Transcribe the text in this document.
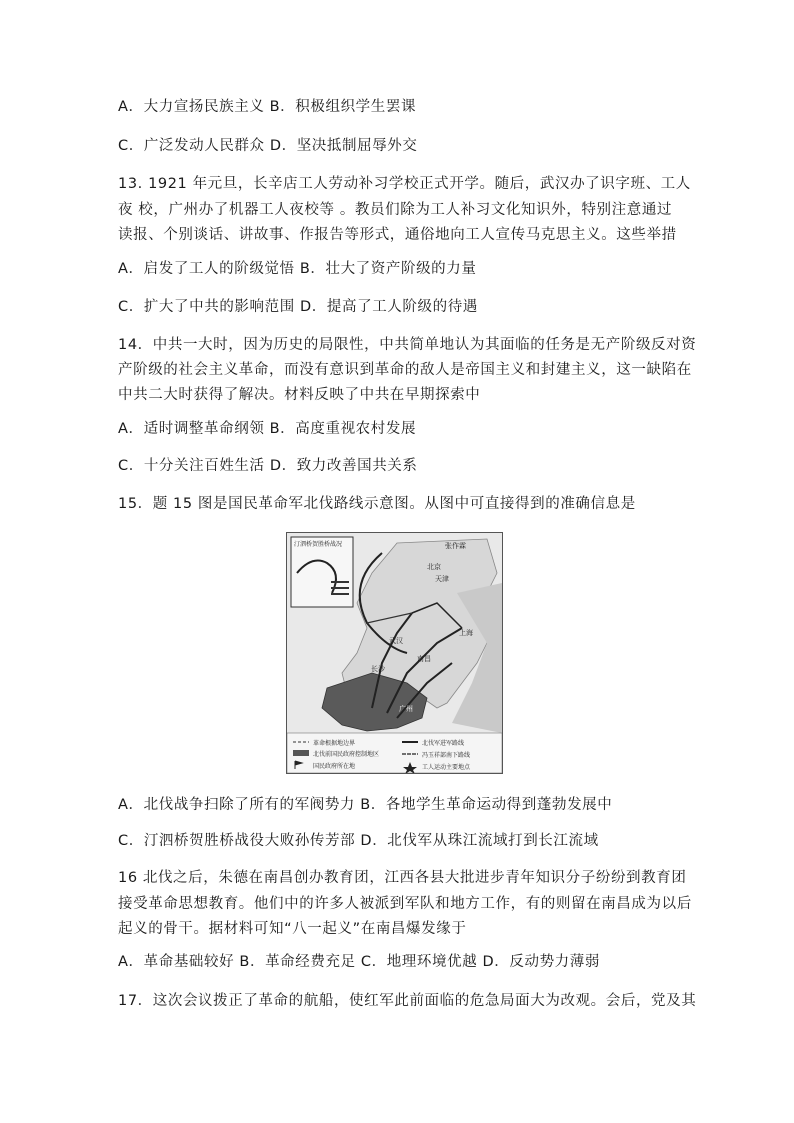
A．大力宣扬民族主义 B．积极组织学生罢课
C．广泛发动人民群众 D．坚决抵制屈辱外交
13. 1921 年元旦，长辛店工人劳动补习学校正式开学。随后，武汉办了识字班、工人
夜 校，广州办了机器工人夜校等 。教员们除为工人补习文化知识外，特别注意通过
读报、个别谈话、讲故事、作报告等形式，通俗地向工人宣传马克思主义。这些举措
A．启发了工人的阶级觉悟 B．壮大了资产阶级的力量
C．扩大了中共的影响范围 D．提高了工人阶级的待遇
14．中共一大时，因为历史的局限性，中共简单地认为其面临的任务是无产阶级反对资
产阶级的社会主义革命，而没有意识到革命的敌人是帝国主义和封建主义，这一缺陷在
中共二大时获得了解决。材料反映了中共在早期探索中
A．适时调整革命纲领 B．高度重视农村发展
C．十分关注百姓生活 D．致力改善国共关系
15．题 15 图是国民革命军北伐路线示意图。从图中可直接得到的准确信息是
A．北伐战争扫除了所有的军阀势力 B．各地学生革命运动得到蓬勃发展中
C．汀泗桥贺胜桥战役大败孙传芳部 D．北伐军从珠江流域打到长江流域
16 北伐之后，朱德在南昌创办教育团，江西各县大批进步青年知识分子纷纷到教育团
接受革命思想教育。他们中的许多人被派到军队和地方工作，有的则留在南昌成为以后
起义的骨干。据材料可知“八一起义”在南昌爆发缘于
A．革命基础较好 B．革命经费充足 C．地理环境优越 D．反动势力薄弱
17．这次会议拨正了革命的航船，使红军此前面临的危急局面大为改观。会后，党及其
汀泗桥贺胜桥战况	张作霖
北京
天津
长沙
武汉
南昌
上海
广州
革命根据地边界
北伐前国民政府控制地区
国民政府所在地
北伐军进军路线
冯玉祥部南下路线
工人运动主要地点
